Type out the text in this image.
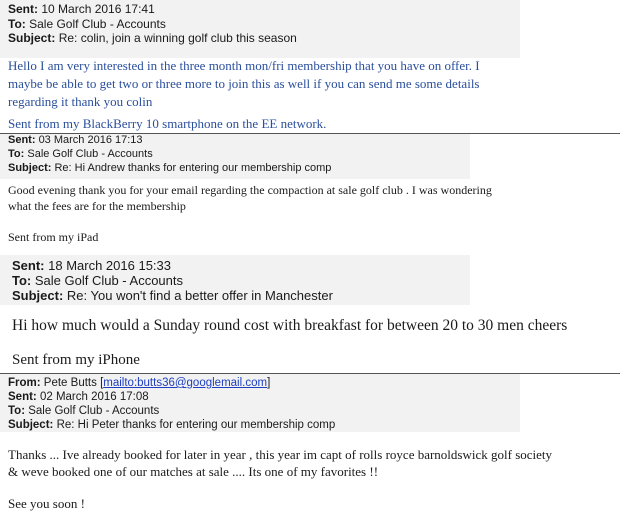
Sent: 10 March 2016 17:41
To: Sale Golf Club - Accounts
Subject: Re: colin, join a winning golf club this season
Hello I am very interested in the three month mon/fri membership that you have on offer. I
maybe be able to get two or three more to join this as well if you can send me some details
regarding it thank you colin
Sent from my BlackBerry 10 smartphone on the EE network.
Sent: 03 March 2016 17:13
To: Sale Golf Club - Accounts
Subject: Re: Hi Andrew thanks for entering our membership comp
Good evening thank you for your email regarding the compaction at sale golf club . I was wondering
what the fees are for the membership
Sent from my iPad
Sent: 18 March 2016 15:33
To: Sale Golf Club - Accounts
Subject: Re: You won't find a better offer in Manchester
Hi how much would a Sunday round cost with breakfast for between 20 to 30 men cheers
Sent from my iPhone
From: Pete Butts [mailto:butts36@googlemail.com]
Sent: 02 March 2016 17:08
To: Sale Golf Club - Accounts
Subject: Re: Hi Peter thanks for entering our membership comp
Thanks ... Ive already booked for later in year , this year im capt of rolls royce barnoldswick golf society
& weve booked one of our matches at sale .... Its one of my favorites !!
See you soon !
